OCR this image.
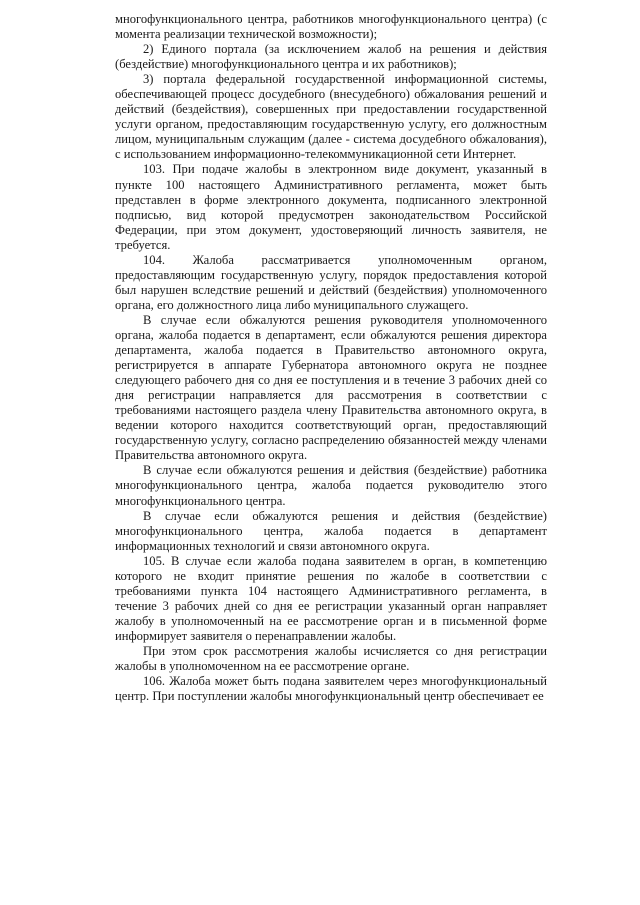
многофункционального центра, работников многофункционального центра) (с момента реализации технической возможности);

2) Единого портала (за исключением жалоб на решения и действия (бездействие) многофункционального центра и их работников);

3) портала федеральной государственной информационной системы, обеспечивающей процесс досудебного (внесудебного) обжалования решений и действий (бездействия), совершенных при предоставлении государственной услуги органом, предоставляющим государственную услугу, его должностным лицом, муниципальным служащим (далее - система досудебного обжалования), с использованием информационно-телекоммуникационной сети Интернет.

103. При подаче жалобы в электронном виде документ, указанный в пункте 100 настоящего Административного регламента, может быть представлен в форме электронного документа, подписанного электронной подписью, вид которой предусмотрен законодательством Российской Федерации, при этом документ, удостоверяющий личность заявителя, не требуется.

104. Жалоба рассматривается уполномоченным органом, предоставляющим государственную услугу, порядок предоставления которой был нарушен вследствие решений и действий (бездействия) уполномоченного органа, его должностного лица либо муниципального служащего.

В случае если обжалуются решения руководителя уполномоченного органа, жалоба подается в департамент, если обжалуются решения директора департамента, жалоба подается в Правительство автономного округа, регистрируется в аппарате Губернатора автономного округа не позднее следующего рабочего дня со дня ее поступления и в течение 3 рабочих дней со дня регистрации направляется для рассмотрения в соответствии с требованиями настоящего раздела члену Правительства автономного округа, в ведении которого находится соответствующий орган, предоставляющий государственную услугу, согласно распределению обязанностей между членами Правительства автономного округа.

В случае если обжалуются решения и действия (бездействие) работника многофункционального центра, жалоба подается руководителю этого многофункционального центра.

В случае если обжалуются решения и действия (бездействие) многофункционального центра, жалоба подается в департамент информационных технологий и связи автономного округа.

105. В случае если жалоба подана заявителем в орган, в компетенцию которого не входит принятие решения по жалобе в соответствии с требованиями пункта 104 настоящего Административного регламента, в течение 3 рабочих дней со дня ее регистрации указанный орган направляет жалобу в уполномоченный на ее рассмотрение орган и в письменной форме информирует заявителя о перенаправлении жалобы.

При этом срок рассмотрения жалобы исчисляется со дня регистрации жалобы в уполномоченном на ее рассмотрение органе.

106. Жалоба может быть подана заявителем через многофункциональный центр. При поступлении жалобы многофункциональный центр обеспечивает ее
